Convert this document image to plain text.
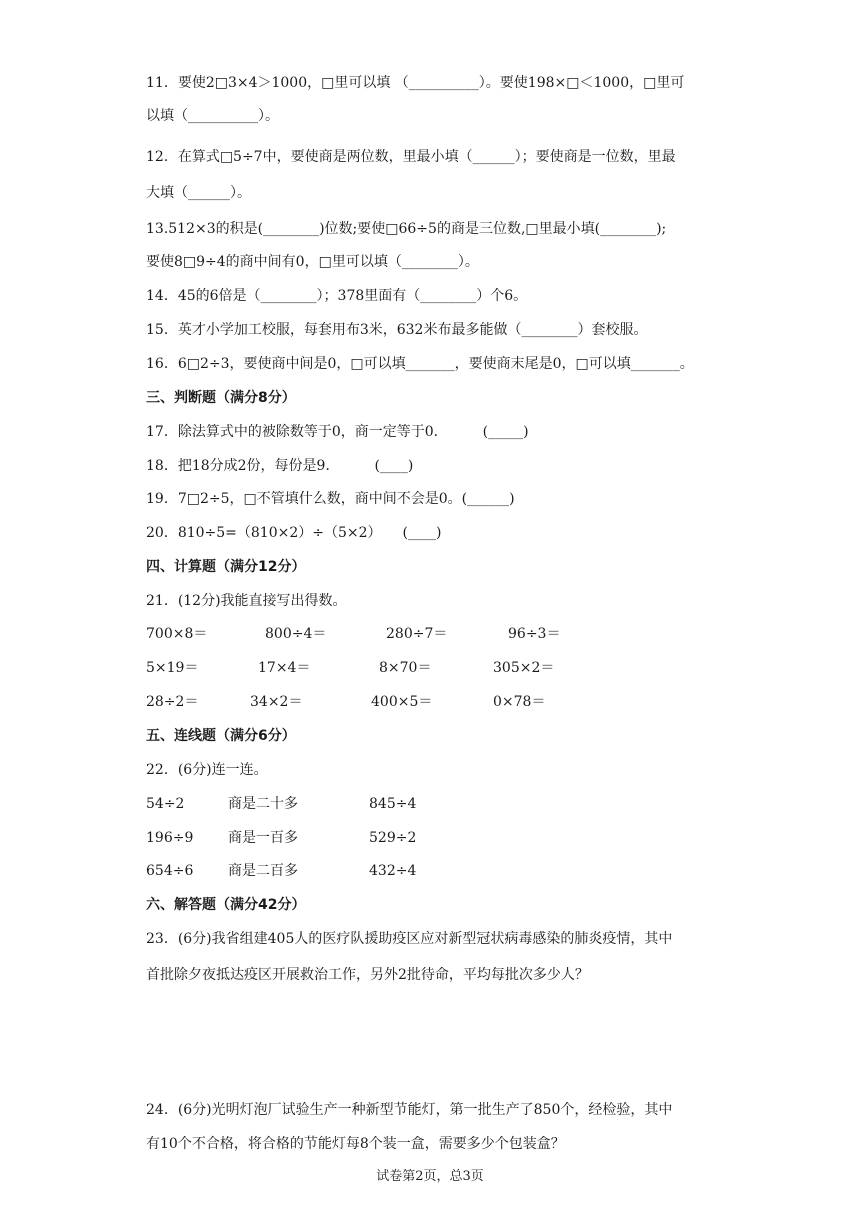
11．要使2□3×4＞1000，□里可以填 （__________）。要使198×□＜1000，□里可
以填（__________）。
12．在算式□5÷7中，要使商是两位数，里最小填（______）；要使商是一位数，里最
大填（______）。
13.512×3的积是(________)位数;要使□66÷5的商是三位数,□里最小填(________);
要使8□9÷4的商中间有0，□里可以填（________）。
14．45的6倍是（________）；378里面有（________）个6。
15．英才小学加工校服，每套用布3米，632米布最多能做（________）套校服。
16．6□2÷3，要使商中间是0，□可以填_______，要使商末尾是0，□可以填_______。
三、判断题（满分8分）
17．除法算式中的被除数等于0，商一定等于0．　　　(_____)
18．把18分成2份，每份是9．　　　(____)
19．7□2÷5，□不管填什么数，商中间不会是0。(______)
20．810÷5=（810×2）÷（5×2）　　(____)
四、计算题（满分12分）
21．(12分)我能直接写出得数。
700×8＝	800÷4＝	280÷7＝	96÷3＝
5×19＝	17×4＝	8×70＝	305×2＝
28÷2＝	34×2＝	400×5＝	0×78＝
五、连线题（满分6分）
22．(6分)连一连。
54÷2	商是二十多	845÷4
196÷9 商是一百多	529÷2
654÷6 商是二百多	432÷4
六、解答题（满分42分）
23．(6分)我省组建405人的医疗队援助疫区应对新型冠状病毒感染的肺炎疫情，其中
首批除夕夜抵达疫区开展救治工作，另外2批待命，平均每批次多少人？
24．(6分)光明灯泡厂试验生产一种新型节能灯，第一批生产了850个，经检验，其中
有10个不合格，将合格的节能灯每8个装一盒，需要多少个包装盒？
试卷第2页，总3页
